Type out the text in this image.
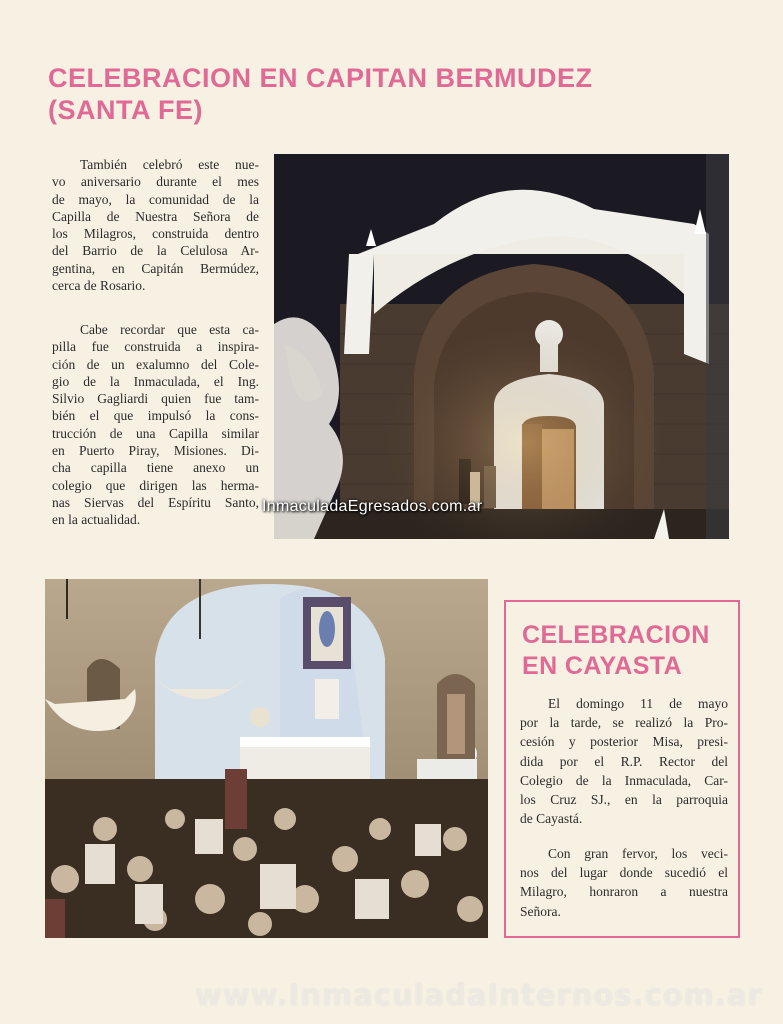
CELEBRACION EN CAPITAN BERMUDEZ
(SANTA FE)
También celebró este nue-
vo aniversario durante el mes
de mayo, la comunidad de la
Capilla de Nuestra Señora de
los Milagros, construida dentro
del Barrio de la Celulosa Ar-
gentina, en Capitán Bermúdez,
cerca de Rosario.
Cabe recordar que esta ca-
pilla fue construida a inspira-
ción de un exalumno del Cole-
gio de la Inmaculada, el Ing.
Silvio Gagliardi quien fue tam-
bién el que impulsó la cons-
trucción de una Capilla similar
en Puerto Piray, Misiones. Di-
cha capilla tiene anexo un
colegio que dirigen las herma-
nas Siervas del Espíritu Santo,
en la actualidad.
InmaculadaEgresados.com.ar
CELEBRACION
EN CAYASTA
El domingo 11 de mayo
por la tarde, se realizó la Pro-
cesión y posterior Misa, presi-
dida por el R.P. Rector del
Colegio de la Inmaculada, Car-
los Cruz SJ., en la parroquia
de Cayastá.
Con gran fervor, los veci-
nos del lugar donde sucedió el
Milagro, honraron a nuestra
Señora.
www.InmaculadaInternos.com.ar
